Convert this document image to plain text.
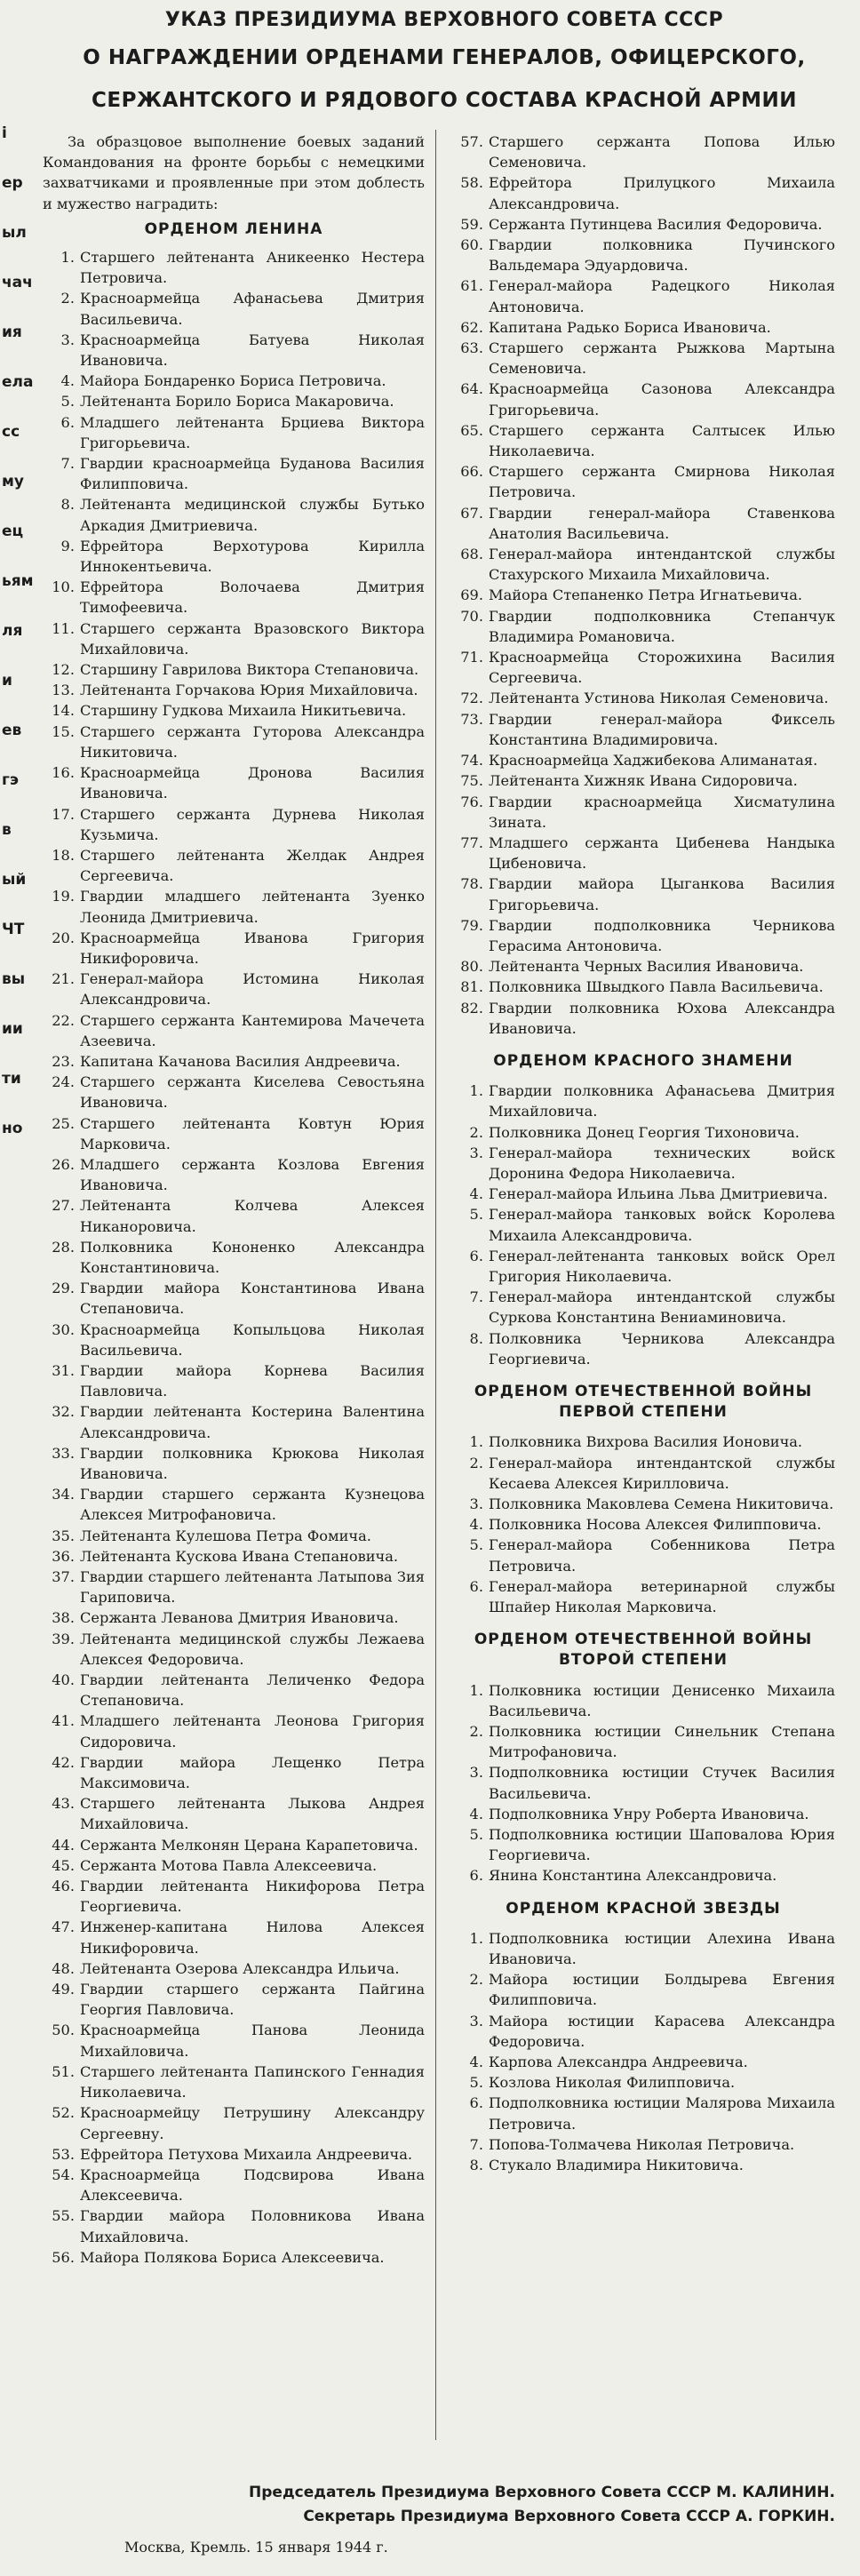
УКАЗ ПРЕЗИДИУМА ВЕРХОВНОГО СОВЕТА СССР
О НАГРАЖДЕНИИ ОРДЕНАМИ ГЕНЕРАЛОВ, ОФИЦЕРСКОГО,
СЕРЖАНТСКОГО И РЯДОВОГО СОСТАВА КРАСНОЙ АРМИИ
i
ер
ыл
чач
ия
ела
сс
му
ец
ьям
ля
и
ев
гэ
в
ый
ЧТ
вы
ии
ти
но

За образцовое выполнение боевых заданий Командования на фронте борьбы с немецкими захватчиками и проявленные при этом доблесть и мужество наградить:

ОРДЕНОМ ЛЕНИНА
1. Старшего лейтенанта Аникеенко Нестера Петровича.
2. Красноармейца Афанасьева Дмитрия Васильевича.
3. Красноармейца Батуева Николая Ивановича.
4. Майора Бондаренко Бориса Петровича.
5. Лейтенанта Борило Бориса Макаровича.
6. Младшего лейтенанта Брциева Виктора Григорьевича.
7. Гвардии красноармейца Буданова Василия Филипповича.
8. Лейтенанта медицинской службы Бутько Аркадия Дмитриевича.
9. Ефрейтора Верхотурова Кирилла Иннокентьевича.
10. Ефрейтора Волочаева Дмитрия Тимофеевича.
11. Старшего сержанта Вразовского Виктора Михайловича.
12. Старшину Гаврилова Виктора Степановича.
13. Лейтенанта Горчакова Юрия Михайловича.
14. Старшину Гудкова Михаила Никитьевича.
15. Старшего сержанта Гуторова Александра Никитовича.
16. Красноармейца Дронова Василия Ивановича.
17. Старшего сержанта Дурнева Николая Кузьмича.
18. Старшего лейтенанта Желдак Андрея Сергеевича.
19. Гвардии младшего лейтенанта Зуенко Леонида Дмитриевича.
20. Красноармейца Иванова Григория Никифоровича.
21. Генерал-майора Истомина Николая Александровича.
22. Старшего сержанта Кантемирова Мачечета Азеевича.
23. Капитана Качанова Василия Андреевича.
24. Старшего сержанта Киселева Севостьяна Ивановича.
25. Старшего лейтенанта Ковтун Юрия Марковича.
26. Младшего сержанта Козлова Евгения Ивановича.
27. Лейтенанта Колчева Алексея Никаноровича.
28. Полковника Кононенко Александра Константиновича.
29. Гвардии майора Константинова Ивана Степановича.
30. Красноармейца Копыльцова Николая Васильевича.
31. Гвардии майора Корнева Василия Павловича.
32. Гвардии лейтенанта Костерина Валентина Александровича.
33. Гвардии полковника Крюкова Николая Ивановича.
34. Гвардии старшего сержанта Кузнецова Алексея Митрофановича.
35. Лейтенанта Кулешова Петра Фомича.
36. Лейтенанта Кускова Ивана Степановича.
37. Гвардии старшего лейтенанта Латыпова Зия Гариповича.
38. Сержанта Леванова Дмитрия Ивановича.
39. Лейтенанта медицинской службы Лежаева Алексея Федоровича.
40. Гвардии лейтенанта Леличенко Федора Степановича.
41. Младшего лейтенанта Леонова Григория Сидоровича.
42. Гвардии майора Лещенко Петра Максимовича.
43. Старшего лейтенанта Лыкова Андрея Михайловича.
44. Сержанта Мелконян Церана Карапетовича.
45. Сержанта Мотова Павла Алексеевича.
46. Гвардии лейтенанта Никифорова Петра Георгиевича.
47. Инженер-капитана Нилова Алексея Никифоровича.
48. Лейтенанта Озерова Александра Ильича.
49. Гвардии старшего сержанта Пайгина Георгия Павловича.
50. Красноармейца Панова Леонида Михайловича.
51. Старшего лейтенанта Папинского Геннадия Николаевича.
52. Красноармейцу Петрушину Александру Сергеевну.
53. Ефрейтора Петухова Михаила Андреевича.
54. Красноармейца Подсвирова Ивана Алексеевича.
55. Гвардии майора Половникова Ивана Михайловича.
56. Майора Полякова Бориса Алексеевича.
57. Старшего сержанта Попова Илью Семеновича.
58. Ефрейтора Прилуцкого Михаила Александровича.
59. Сержанта Путинцева Василия Федоровича.
60. Гвардии полковника Пучинского Вальдемара Эдуардовича.
61. Генерал-майора Радецкого Николая Антоновича.
62. Капитана Радько Бориса Ивановича.
63. Старшего сержанта Рыжкова Мартына Семеновича.
64. Красноармейца Сазонова Александра Григорьевича.
65. Старшего сержанта Салтысек Илью Николаевича.
66. Старшего сержанта Смирнова Николая Петровича.
67. Гвардии генерал-майора Ставенкова Анатолия Васильевича.
68. Генерал-майора интендантской службы Стахурского Михаила Михайловича.
69. Майора Степаненко Петра Игнатьевича.
70. Гвардии подполковника Степанчук Владимира Романовича.
71. Красноармейца Сторожихина Василия Сергеевича.
72. Лейтенанта Устинова Николая Семеновича.
73. Гвардии генерал-майора Фиксель Константина Владимировича.
74. Красноармейца Хаджибекова Алиманатая.
75. Лейтенанта Хижняк Ивана Сидоровича.
76. Гвардии красноармейца Хисматулина Зината.
77. Младшего сержанта Цибенева Нандыка Цибеновича.
78. Гвардии майора Цыганкова Василия Григорьевича.
79. Гвардии подполковника Черникова Герасима Антоновича.
80. Лейтенанта Черных Василия Ивановича.
81. Полковника Швыдкого Павла Васильевича.
82. Гвардии полковника Юхова Александра Ивановича.
ОРДЕНОМ КРАСНОГО ЗНАМЕНИ
1. Гвардии полковника Афанасьева Дмитрия Михайловича.
2. Полковника Донец Георгия Тихоновича.
3. Генерал-майора технических войск Доронина Федора Николаевича.
4. Генерал-майора Ильина Льва Дмитриевича.
5. Генерал-майора танковых войск Королева Михаила Александровича.
6. Генерал-лейтенанта танковых войск Орел Григория Николаевича.
7. Генерал-майора интендантской службы Суркова Константина Вениаминовича.
8. Полковника Черникова Александра Георгиевича.
ОРДЕНОМ ОТЕЧЕСТВЕННОЙ ВОЙНЫ
ПЕРВОЙ СТЕПЕНИ
1. Полковника Вихрова Василия Ионовича.
2. Генерал-майора интендантской службы Кесаева Алексея Кирилловича.
3. Полковника Маковлева Семена Никитовича.
4. Полковника Носова Алексея Филипповича.
5. Генерал-майора Собенникова Петра Петровича.
6. Генерал-майора ветеринарной службы Шпайер Николая Марковича.
ОРДЕНОМ ОТЕЧЕСТВЕННОЙ ВОЙНЫ
ВТОРОЙ СТЕПЕНИ
1. Полковника юстиции Денисенко Михаила Васильевича.
2. Полковника юстиции Синельник Степана Митрофановича.
3. Подполковника юстиции Стучек Василия Васильевича.
4. Подполковника Унру Роберта Ивановича.
5. Подполковника юстиции Шаповалова Юрия Георгиевича.
6. Янина Константина Александровича.
ОРДЕНОМ КРАСНОЙ ЗВЕЗДЫ
1. Подполковника юстиции Алехина Ивана Ивановича.
2. Майора юстиции Болдырева Евгения Филипповича.
3. Майора юстиции Карасева Александра Федоровича.
4. Карпова Александра Андреевича.
5. Козлова Николая Филипповича.
6. Подполковника юстиции Малярова Михаила Петровича.
7. Попова-Толмачева Николая Петровича.
8. Стукало Владимира Никитовича.
Председатель Президиума Верховного Совета СССР М. КАЛИНИН.
Секретарь Президиума Верховного Совета СССР А. ГОРКИН.
Москва, Кремль. 15 января 1944 г.
